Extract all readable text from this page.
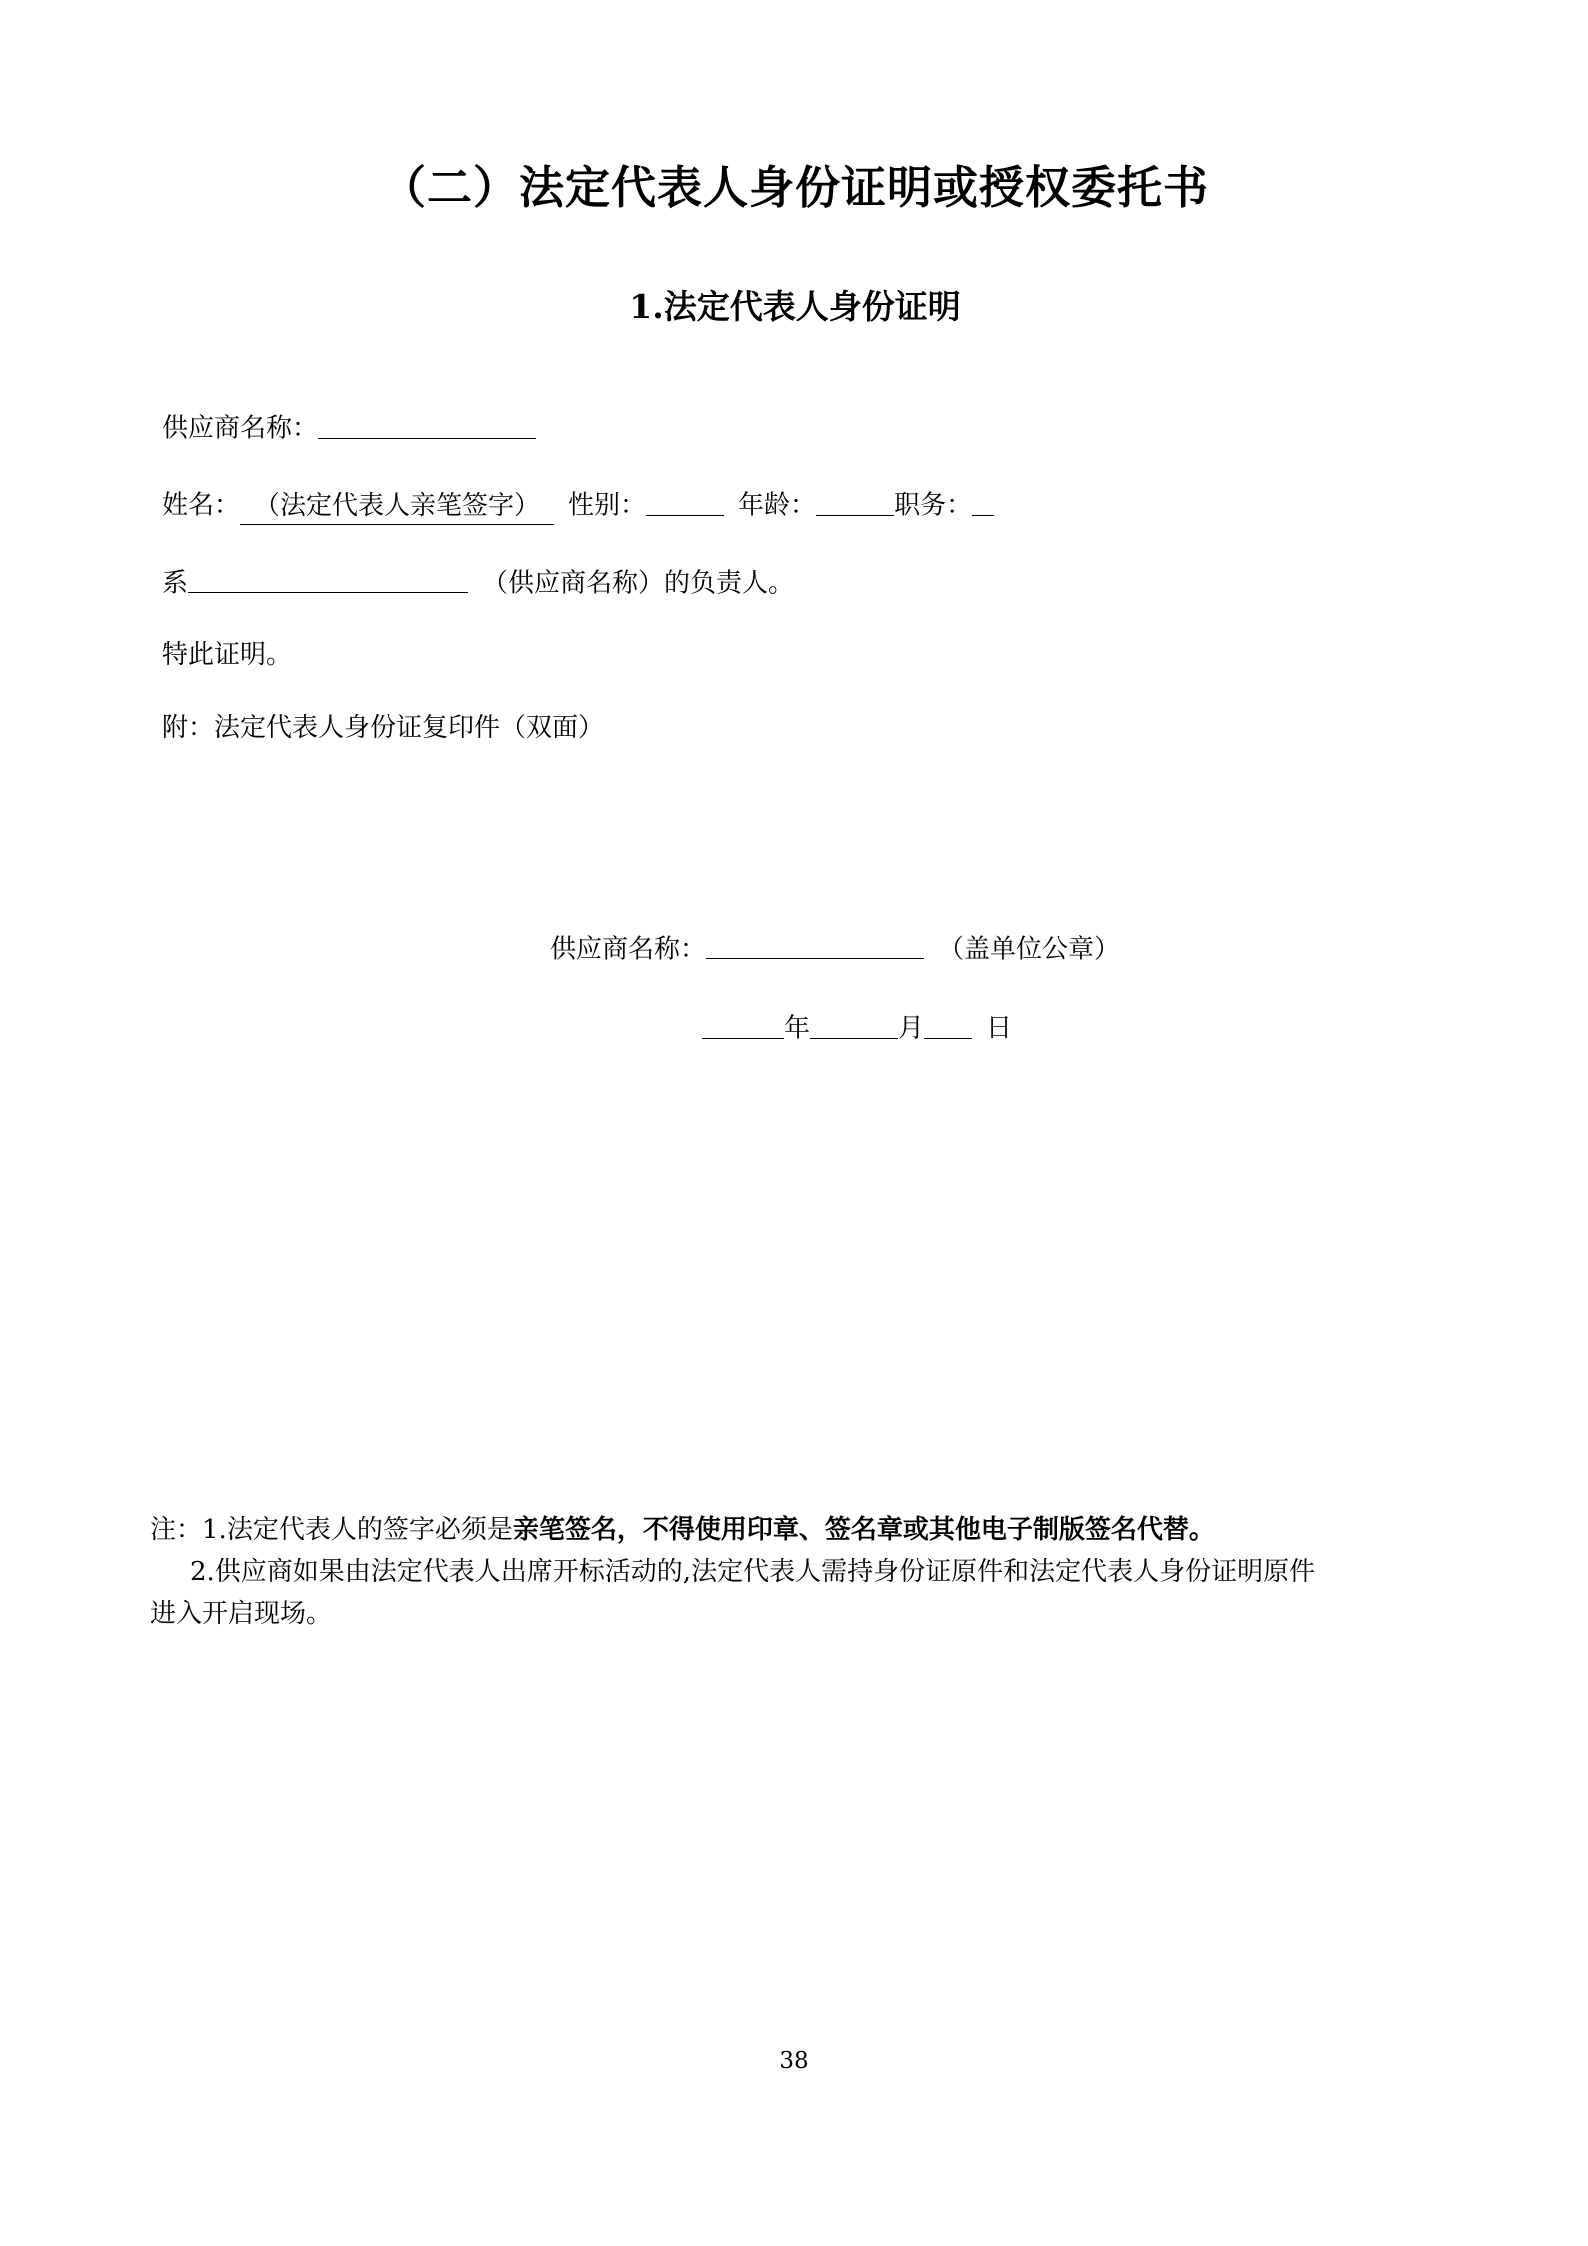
（二）法定代表人身份证明或授权委托书
1.法定代表人身份证明

供应商名称：

姓名： （法定代表人亲笔签字） 性别：	年龄：	职务：

系	（供应商名称）的负责人。

特此证明。

附：法定代表人身份证复印件（双面）

供应商名称：	（盖单位公章）

年	月 日

注：1.法定代表人的签字必须是亲笔签名，不得使用印章、签名章或其他电子制版签名代替。

2.供应商如果由法定代表人出席开标活动的,法定代表人需持身份证原件和法定代表人身份证明原件

进入开启现场。

38
